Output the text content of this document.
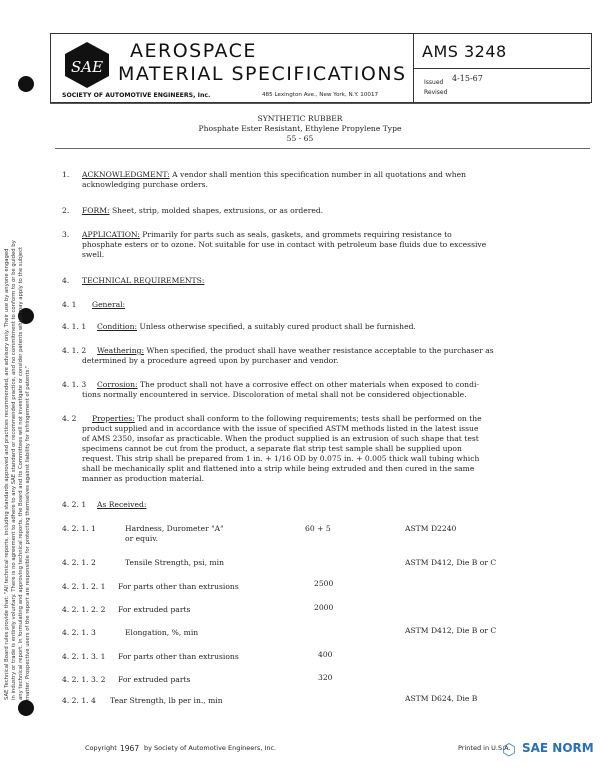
SAE
AEROSPACE
MATERIAL SPECIFICATIONS
SOCIETY OF AUTOMOTIVE ENGINEERS, Inc.	485 Lexington Ave., New York, N.Y. 10017
AMS 3248
Issued 4-15-67
Revised
SAE Technical Board rules provide that: "All technical reports, including standards approved and practices recommended, are advisory only. Their use by anyone engaged in industry or trade is entirely voluntary. There is no agreement to adhere to any SAE standard or recommended practice, and no commitment to conform to or be guided by any technical report. In formulating and approving technical reports, the Board and its Committees will not investigate or consider patents which may apply to the subject matter. Prospective users of the report are responsible for protecting themselves against liability for infringement of patents."
SYNTHETIC RUBBER
Phosphate Ester Resistant, Ethylene Propylene Type
55 - 65
1. ACKNOWLEDGMENT: A vendor shall mention this specification number in all quotations and when
acknowledging purchase orders.
2. FORM: Sheet, strip, molded shapes, extrusions, or as ordered.
3. APPLICATION: Primarily for parts such as seals, gaskets, and grommets requiring resistance to
phosphate esters or to ozone. Not suitable for use in contact with petroleum base fluids due to excessive
swell.
4. TECHNICAL REQUIREMENTS:
4. 1 General:
4. 1. 1 Condition: Unless otherwise specified, a suitably cured product shall be furnished.
4. 1. 2 Weathering: When specified, the product shall have weather resistance acceptable to the purchaser as
determined by a procedure agreed upon by purchaser and vendor.
4. 1. 3 Corrosion: The product shall not have a corrosive effect on other materials when exposed to condi-
tions normally encountered in service. Discoloration of metal shall not be considered objectionable.
4. 2 Properties: The product shall conform to the following requirements; tests shall be performed on the
product supplied and in accordance with the issue of specified ASTM methods listed in the latest issue
of AMS 2350, insofar as practicable. When the product supplied is an extrusion of such shape that test
specimens cannot be cut from the product, a separate flat strip test sample shall be supplied upon
request. This strip shall be prepared from 1 in. + 1/16 OD by 0.075 in. + 0.005 thick wall tubing which
shall be mechanically split and flattened into a strip while being extruded and then cured in the same
manner as production material.
4. 2. 1 As Received:
4. 2. 1. 1	Hardness, Durometer "A"
or equiv.
60 + 5	ASTM D2240
4. 2. 1. 2	Tensile Strength, psi, min	ASTM D412, Die B or C
4. 2. 1. 2. 1 For parts other than extrusions	2500
4. 2. 1. 2. 2 For extruded parts	2000
4. 2. 1. 3	Elongation, %, min	ASTM D412, Die B or C
4. 2. 1. 3. 1 For parts other than extrusions	400
4. 2. 1. 3. 2 For extruded parts	320
4. 2. 1. 4 Tear Strength, lb per in., min	ASTM D624, Die B
Copyright 1967 by Society of Automotive Engineers, Inc.	Printed in U.S.A.
⬡ SAE NORM
